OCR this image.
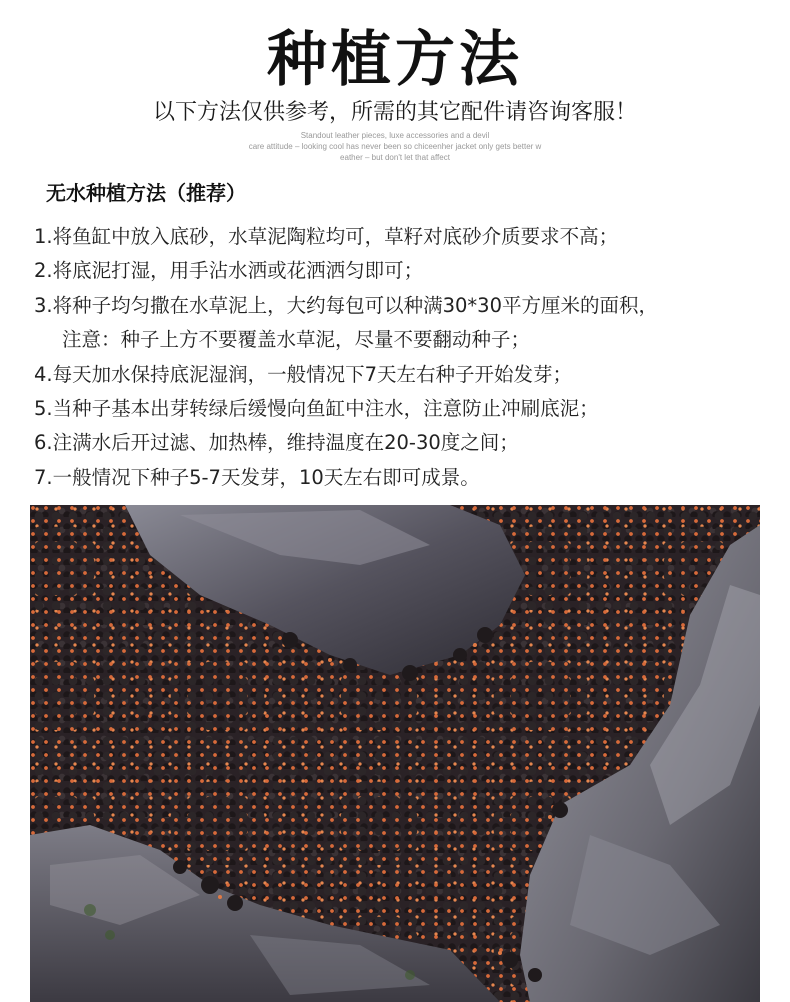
种植方法
以下方法仅供参考，所需的其它配件请咨询客服！
Standout leather pieces, luxe accessories and a devil
care attitude – looking cool has never been so chiceenher jacket only gets better w
eather – but don't let that affect
无水种植方法（推荐）
1.将鱼缸中放入底砂，水草泥陶粒均可，草籽对底砂介质要求不高；
2.将底泥打湿，用手沾水洒或花洒洒匀即可；
3.将种子均匀撒在水草泥上，大约每包可以种满30*30平方厘米的面积，
注意：种子上方不要覆盖水草泥，尽量不要翻动种子；
4.每天加水保持底泥湿润，一般情况下7天左右种子开始发芽；
5.当种子基本出芽转绿后缓慢向鱼缸中注水，注意防止冲刷底泥；
6.注满水后开过滤、加热棒，维持温度在20-30度之间；
7.一般情况下种子5-7天发芽，10天左右即可成景。
